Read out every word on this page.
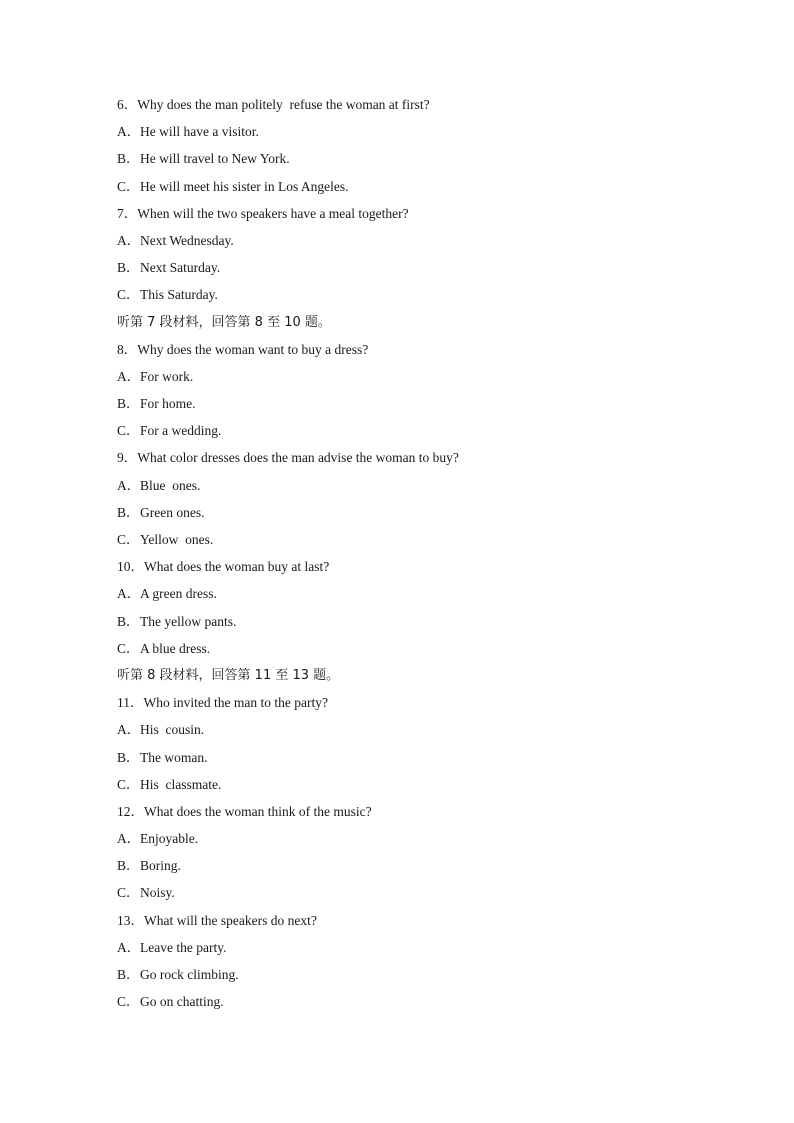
6．Why does the man politely  refuse the woman at first?
A．He will have a visitor.
B．He will travel to New York.
C．He will meet his sister in Los Angeles.
7．When will the two speakers have a meal together?
A．Next Wednesday.
B．Next Saturday.
C．This Saturday.
听第 7 段材料，回答第 8 至 10 题。
8．Why does the woman want to buy a dress?
A．For work.
B．For home.
C．For a wedding.
9．What color dresses does the man advise the woman to buy?
A．Blue  ones.
B．Green ones.
C．Yellow  ones.
10．What does the woman buy at last?
A．A green dress.
B．The yellow pants.
C．A blue dress.
听第 8 段材料，回答第 11 至 13 题。
11．Who invited the man to the party?
A．His  cousin.
B．The woman.
C．His  classmate.
12．What does the woman think of the music?
A．Enjoyable.
B．Boring.
C．Noisy.
13．What will the speakers do next?
A．Leave the party.
B．Go rock climbing.
C．Go on chatting.
